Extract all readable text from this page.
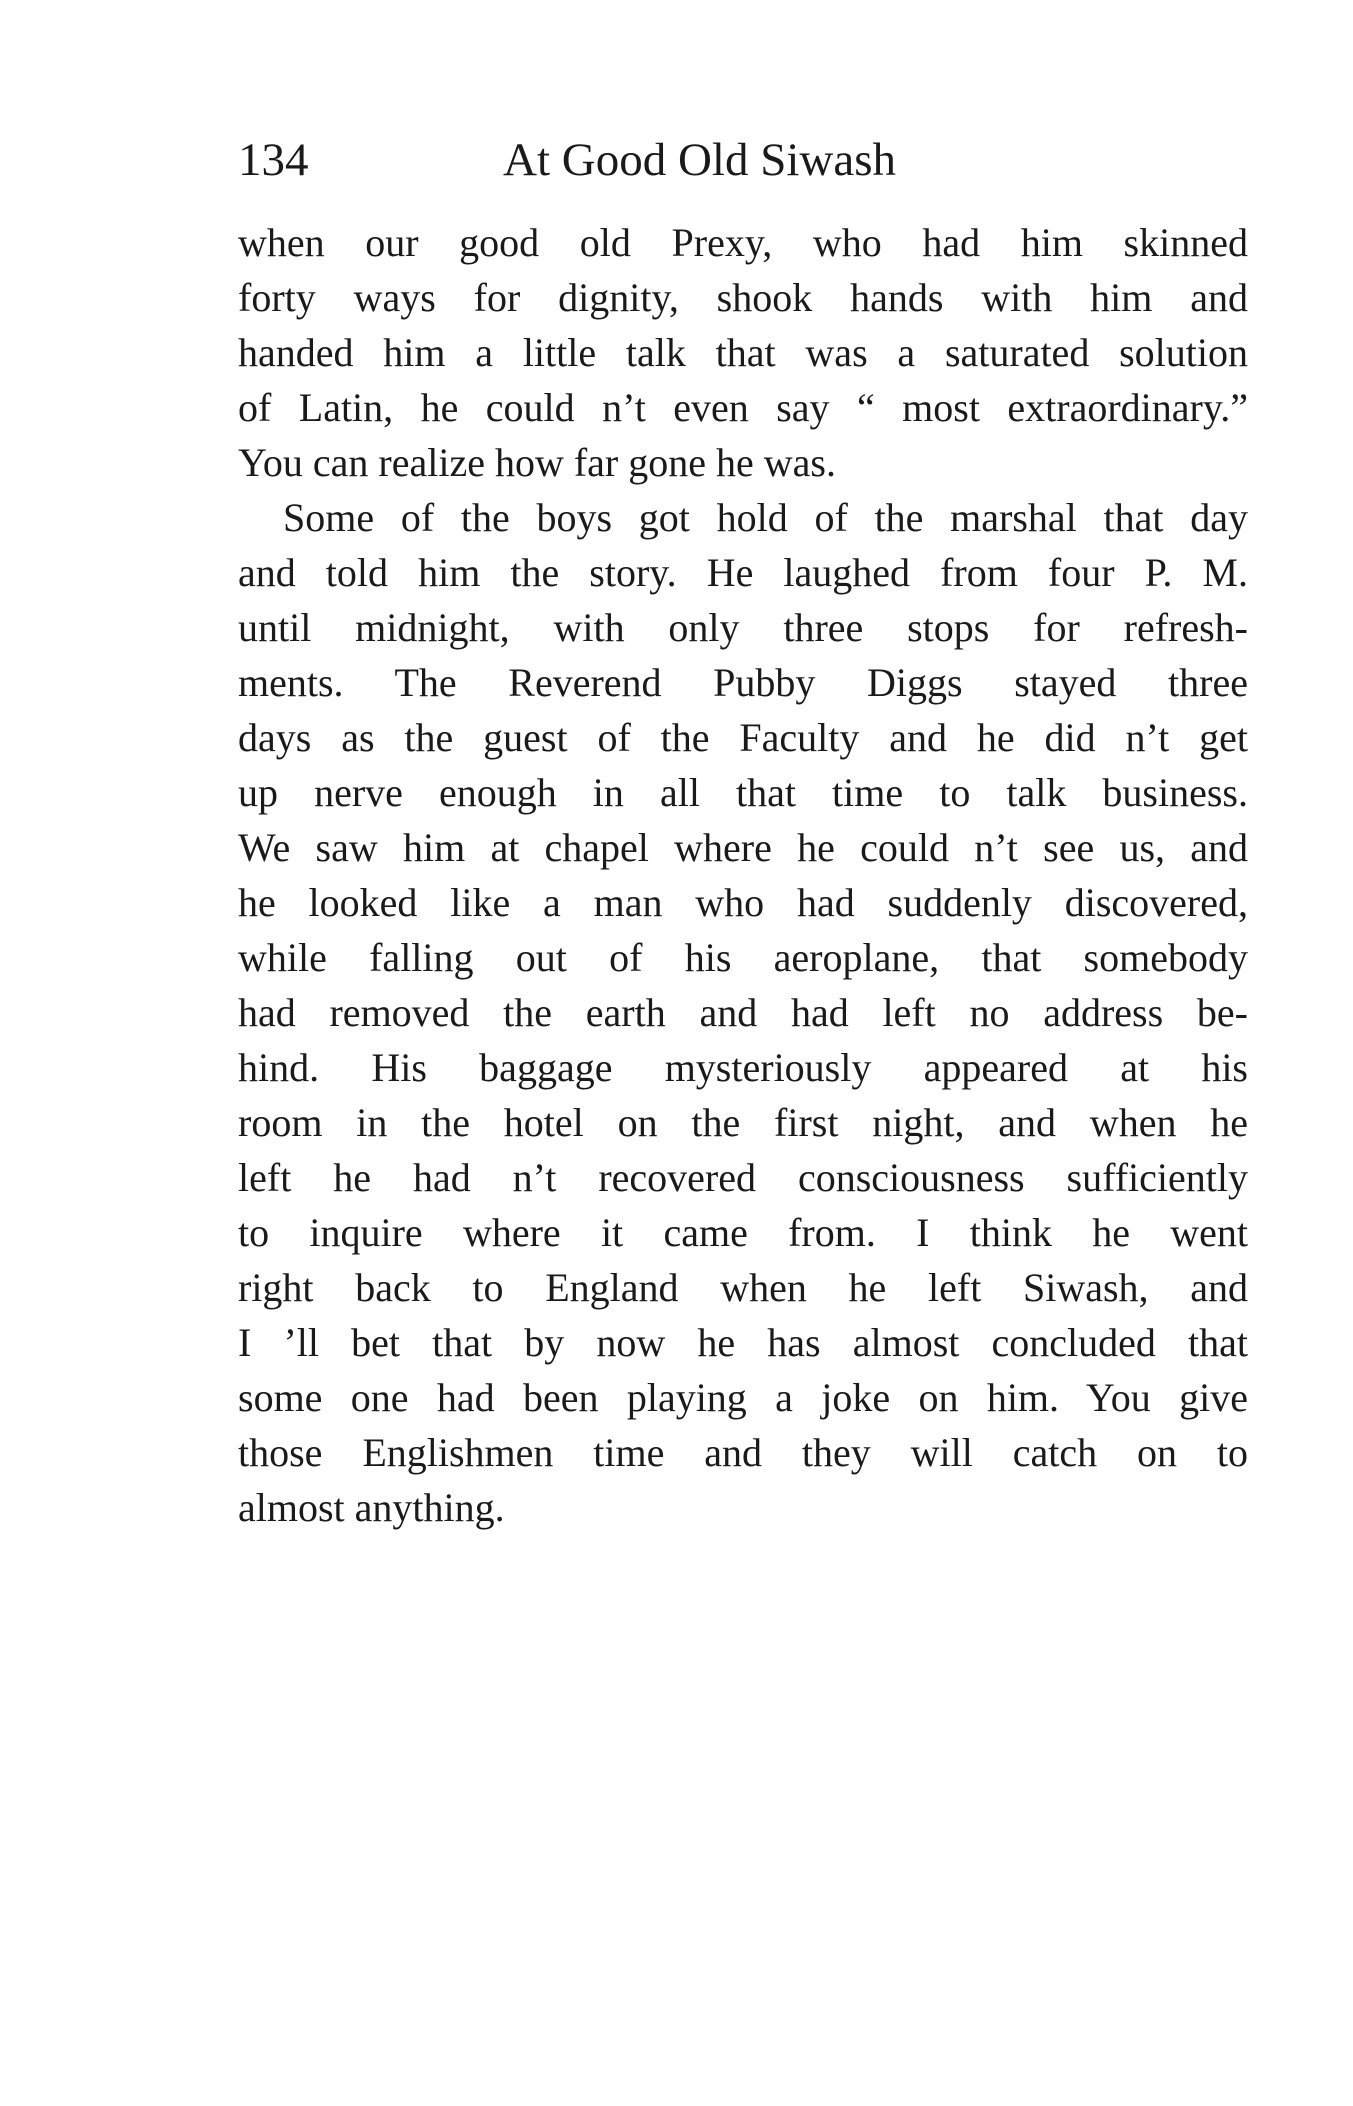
134	At Good Old Siwash
when our good old Prexy, who had him skinned
forty ways for dignity, shook hands with him and
handed him a little talk that was a saturated solution
of Latin, he could n’t even say “ most extraordinary.”
You can realize how far gone he was.
Some of the boys got hold of the marshal that day
and told him the story. He laughed from four P. M.
until midnight, with only three stops for refresh-
ments. The Reverend Pubby Diggs stayed three
days as the guest of the Faculty and he did n’t get
up nerve enough in all that time to talk business.
We saw him at chapel where he could n’t see us, and
he looked like a man who had suddenly discovered,
while falling out of his aeroplane, that somebody
had removed the earth and had left no address be-
hind. His baggage mysteriously appeared at his
room in the hotel on the first night, and when he
left he had n’t recovered consciousness sufficiently
to inquire where it came from. I think he went
right back to England when he left Siwash, and
I ’ll bet that by now he has almost concluded that
some one had been playing a joke on him. You give
those Englishmen time and they will catch on to
almost anything.
